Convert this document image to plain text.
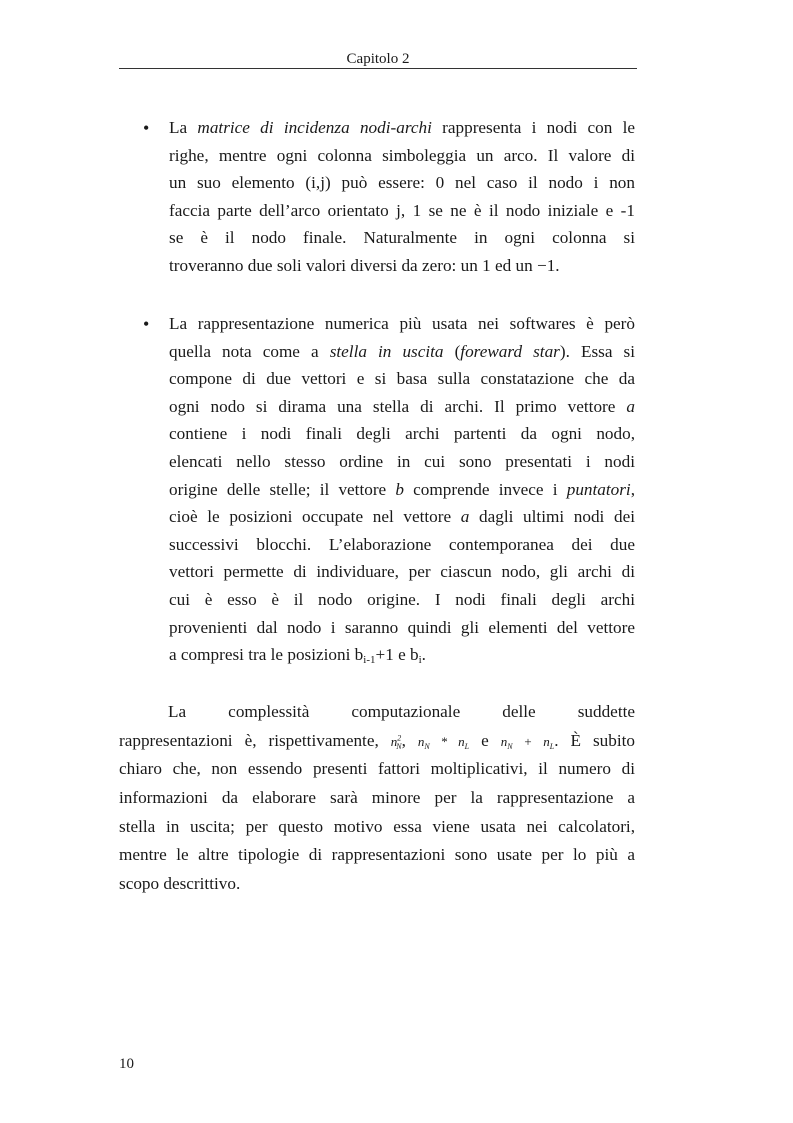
Capitolo 2
• La matrice di incidenza nodi-archi rappresenta i nodi con le
righe, mentre ogni colonna simboleggia un arco. Il valore di
un suo elemento (i,j) può essere: 0 nel caso il nodo i non
faccia parte dell’arco orientato j, 1 se ne è il nodo iniziale e -1
se è il nodo finale. Naturalmente in ogni colonna si
troveranno due soli valori diversi da zero: un 1 ed un −1.
• La rappresentazione numerica più usata nei softwares è però
quella nota come a stella in uscita (foreward star). Essa si
compone di due vettori e si basa sulla constatazione che da
ogni nodo si dirama una stella di archi. Il primo vettore a
contiene i nodi finali degli archi partenti da ogni nodo,
elencati nello stesso ordine in cui sono presentati i nodi
origine delle stelle; il vettore b comprende invece i puntatori,
cioè le posizioni occupate nel vettore a dagli ultimi nodi dei
successivi blocchi. L’elaborazione contemporanea dei due
vettori permette di individuare, per ciascun nodo, gli archi di
cui è esso è il nodo origine. I nodi finali degli archi
provenienti dal nodo i saranno quindi gli elementi del vettore
a compresi tra le posizioni $b_{i-1}+1$ e $b_i$.
La complessità computazionale delle suddette
rappresentazioni è, rispettivamente, $n^2_N$, $n_N * n_L$ e $n_N + n_L$. È subito
chiaro che, non essendo presenti fattori moltiplicativi, il numero di
informazioni da elaborare sarà minore per la rappresentazione a
stella in uscita; per questo motivo essa viene usata nei calcolatori,
mentre le altre tipologie di rappresentazioni sono usate per lo più a
scopo descrittivo.
10
